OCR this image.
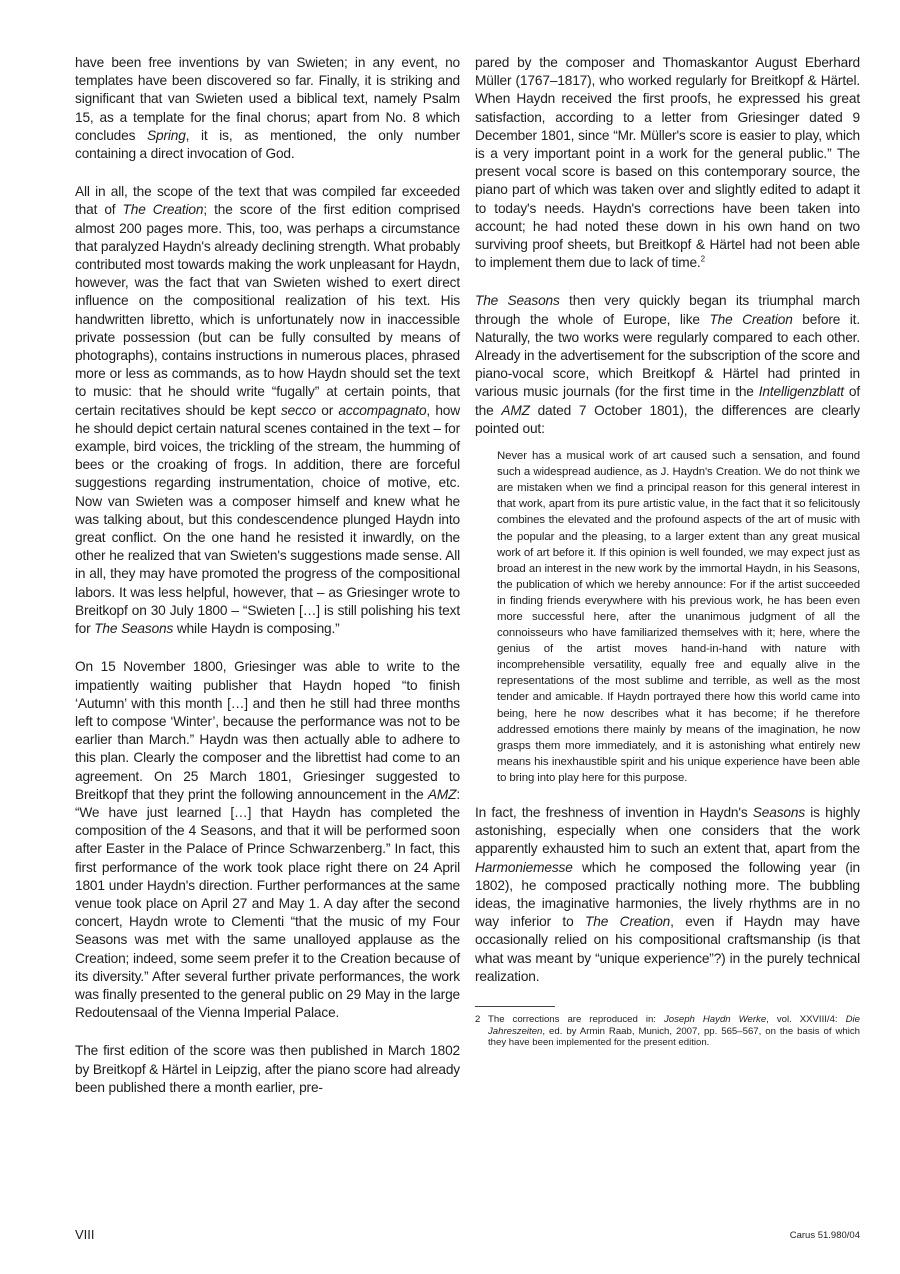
have been free inventions by van Swieten; in any event, no templates have been discovered so far. Finally, it is striking and significant that van Swieten used a biblical text, namely Psalm 15, as a template for the final chorus; apart from No. 8 which concludes Spring, it is, as mentioned, the only number containing a direct invocation of God.

All in all, the scope of the text that was compiled far exceeded that of The Creation; the score of the first edition comprised almost 200 pages more. This, too, was perhaps a circumstance that paralyzed Haydn's already declining strength. What probably contributed most towards making the work unpleasant for Haydn, however, was the fact that van Swieten wished to exert direct influence on the compositional realization of his text. His handwritten libretto, which is unfortunately now in inaccessible private possession (but can be fully consulted by means of photographs), contains instructions in numerous places, phrased more or less as commands, as to how Haydn should set the text to music: that he should write “fugally” at certain points, that certain recitatives should be kept secco or accompagnato, how he should depict certain natural scenes contained in the text – for example, bird voices, the trickling of the stream, the humming of bees or the croaking of frogs. In addition, there are forceful suggestions regarding instrumentation, choice of motive, etc. Now van Swieten was a composer himself and knew what he was talking about, but this condescendence plunged Haydn into great conflict. On the one hand he resisted it inwardly, on the other he realized that van Swieten's suggestions made sense. All in all, they may have promoted the progress of the compositional labors. It was less helpful, however, that – as Griesinger wrote to Breitkopf on 30 July 1800 – “Swieten […] is still polishing his text for The Seasons while Haydn is composing.”

On 15 November 1800, Griesinger was able to write to the impatiently waiting publisher that Haydn hoped “to finish ‘Autumn’ with this month […] and then he still had three months left to compose ‘Winter’, because the performance was not to be earlier than March.” Haydn was then actually able to adhere to this plan. Clearly the composer and the librettist had come to an agreement. On 25 March 1801, Griesinger suggested to Breitkopf that they print the following announcement in the AMZ: “We have just learned […] that Haydn has completed the composition of the 4 Seasons, and that it will be performed soon after Easter in the Palace of Prince Schwarzenberg.” In fact, this first performance of the work took place right there on 24 April 1801 under Haydn's direction. Further performances at the same venue took place on April 27 and May 1. A day after the second concert, Haydn wrote to Clementi “that the music of my Four Seasons was met with the same unalloyed applause as the Creation; indeed, some seem prefer it to the Creation because of its diversity.” After several further private performances, the work was finally presented to the general public on 29 May in the large Redoutensaal of the Vienna Imperial Palace.

The first edition of the score was then published in March 1802 by Breitkopf & Härtel in Leipzig, after the piano score had already been published there a month earlier, pre-

pared by the composer and Thomaskantor August Eberhard Müller (1767–1817), who worked regularly for Breitkopf & Härtel. When Haydn received the first proofs, he expressed his great satisfaction, according to a letter from Griesinger dated 9 December 1801, since “Mr. Müller's score is easier to play, which is a very important point in a work for the general public.” The present vocal score is based on this contemporary source, the piano part of which was taken over and slightly edited to adapt it to today's needs. Haydn's corrections have been taken into account; he had noted these down in his own hand on two surviving proof sheets, but Breitkopf & Härtel had not been able to implement them due to lack of time.$^2$

The Seasons then very quickly began its triumphal march through the whole of Europe, like The Creation before it. Naturally, the two works were regularly compared to each other. Already in the advertisement for the subscription of the score and piano-vocal score, which Breitkopf & Härtel had printed in various music journals (for the first time in the Intelligenzblatt of the AMZ dated 7 October 1801), the differences are clearly pointed out:

Never has a musical work of art caused such a sensation, and found such a widespread audience, as J. Haydn's Creation. We do not think we are mistaken when we find a principal reason for this general interest in that work, apart from its pure artistic value, in the fact that it so felicitously combines the elevated and the profound aspects of the art of music with the popular and the pleasing, to a larger extent than any great musical work of art before it. If this opinion is well founded, we may expect just as broad an interest in the new work by the immortal Haydn, in his Seasons, the publication of which we hereby announce: For if the artist succeeded in finding friends everywhere with his previous work, he has been even more successful here, after the unanimous judgment of all the connoisseurs who have familiarized themselves with it; here, where the genius of the artist moves hand-in-hand with nature with incomprehensible versatility, equally free and equally alive in the representations of the most sublime and terrible, as well as the most tender and amicable. If Haydn portrayed there how this world came into being, here he now describes what it has become; if he therefore addressed emotions there mainly by means of the imagination, he now grasps them more immediately, and it is astonishing what entirely new means his inexhaustible spirit and his unique experience have been able to bring into play here for this purpose.

In fact, the freshness of invention in Haydn's Seasons is highly astonishing, especially when one considers that the work apparently exhausted him to such an extent that, apart from the Harmoniemesse which he composed the following year (in 1802), he composed practically nothing more. The bubbling ideas, the imaginative harmonies, the lively rhythms are in no way inferior to The Creation, even if Haydn may have occasionally relied on his compositional craftsmanship (is that what was meant by “unique experience”?) in the purely technical realization.

2 The corrections are reproduced in: Joseph Haydn Werke, vol. XXVIII/4: Die Jahreszeiten, ed. by Armin Raab, Munich, 2007, pp. 565–567, on the basis of which they have been implemented for the present edition.
VIII	Carus 51.980/04
